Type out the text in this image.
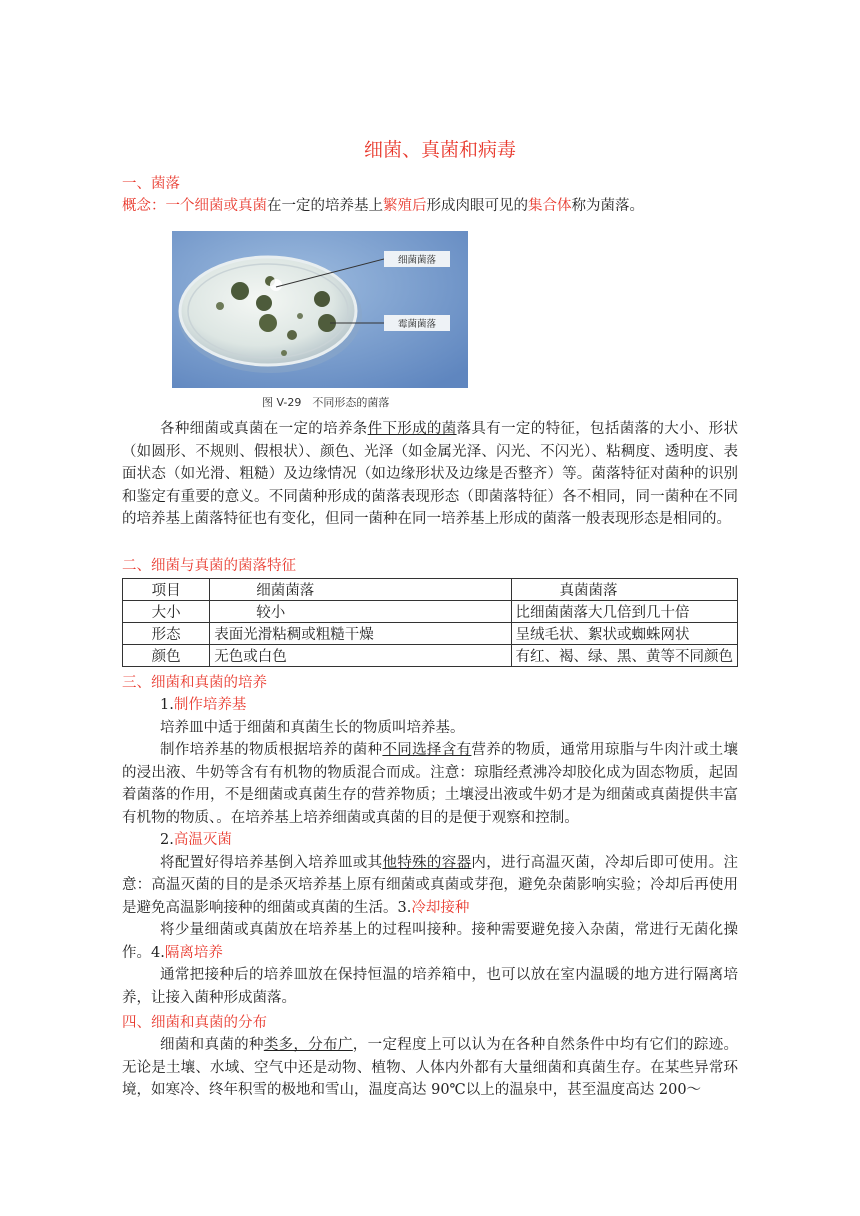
细菌、真菌和病毒
一、菌落
概念：一个细菌或真菌在一定的培养基上繁殖后形成肉眼可见的集合体称为菌落。
细菌菌落
霉菌菌落
图 V-29　不同形态的菌落

各种细菌或真菌在一定的培养条件下形成的菌落具有一定的特征，包括菌落的大小、形状（如圆形、不规则、假根状）、颜色、光泽（如金属光泽、闪光、不闪光）、粘稠度、透明度、表面状态（如光滑、粗糙）及边缘情况（如边缘形状及边缘是否整齐）等。菌落特征对菌种的识别和鉴定有重要的意义。不同菌种形成的菌落表现形态（即菌落特征）各不相同，同一菌种在不同的培养基上菌落特征也有变化，但同一菌种在同一培养基上形成的菌落一般表现形态是相同的。

二、细菌与真菌的菌落特征
项目	细菌菌落	真菌菌落
大小	较小	比细菌菌落大几倍到几十倍
形态	表面光滑粘稠或粗糙干燥	呈绒毛状、絮状或蜘蛛网状
颜色	无色或白色	有红、褐、绿、黑、黄等不同颜色
三、细菌和真菌的培养

1.制作培养基

培养皿中适于细菌和真菌生长的物质叫培养基。

制作培养基的物质根据培养的菌种不同选择含有营养的物质，通常用琼脂与牛肉汁或土壤的浸出液、牛奶等含有有机物的物质混合而成。注意：琼脂经煮沸冷却胶化成为固态物质，起固着菌落的作用，不是细菌或真菌生存的营养物质；土壤浸出液或牛奶才是为细菌或真菌提供丰富有机物的物质、。在培养基上培养细菌或真菌的目的是便于观察和控制。

2.高温灭菌

将配置好得培养基倒入培养皿或其他特殊的容器内，进行高温灭菌，冷却后即可使用。注意：高温灭菌的目的是杀灭培养基上原有细菌或真菌或芽孢，避免杂菌影响实验；冷却后再使用是避免高温影响接种的细菌或真菌的生活。3.冷却接种

将少量细菌或真菌放在培养基上的过程叫接种。接种需要避免接入杂菌，常进行无菌化操作。4.隔离培养

通常把接种后的培养皿放在保持恒温的培养箱中，也可以放在室内温暖的地方进行隔离培养，让接入菌种形成菌落。

四、细菌和真菌的分布

细菌和真菌的种类多，分布广，一定程度上可以认为在各种自然条件中均有它们的踪迹。无论是土壤、水域、空气中还是动物、植物、人体内外都有大量细菌和真菌生存。在某些异常环境，如寒冷、终年积雪的极地和雪山，温度高达 90℃以上的温泉中，甚至温度高达 200～
